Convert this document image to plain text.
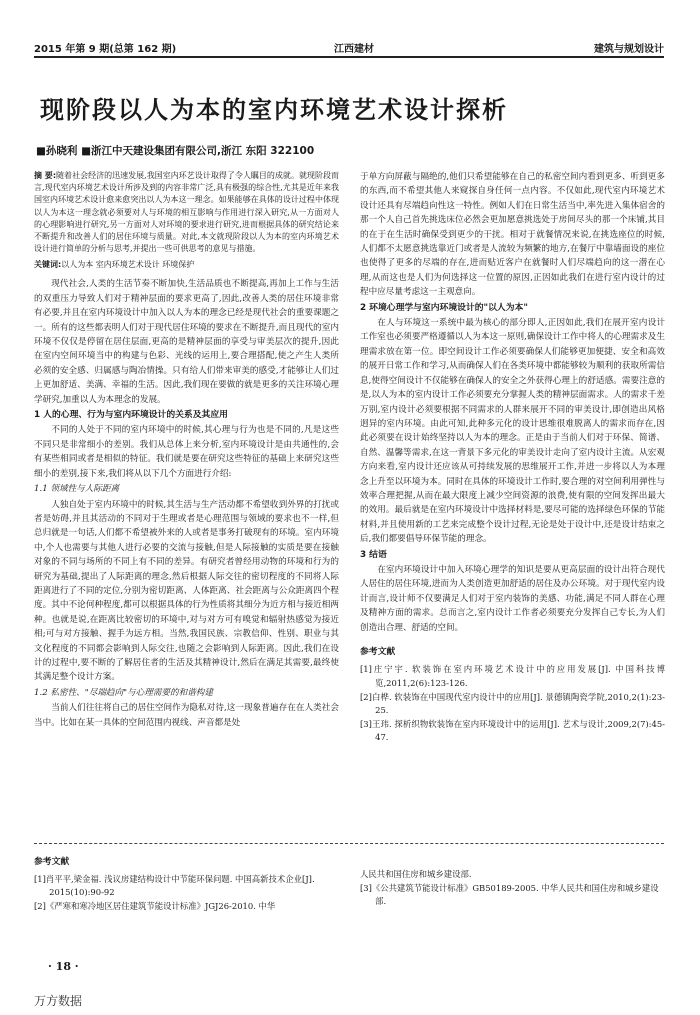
2015 年第 9 期(总第 162 期)	江西建材	建筑与规划设计
现阶段以人为本的室内环境艺术设计探析
■孙晓利 ■浙江中天建设集团有限公司,浙江 东阳 322100

摘 要:随着社会经济的迅速发展,我国室内环艺设计取得了令人瞩目的成就。就现阶段而言,现代室内环境艺术设计所涉及到的内容非常广泛,具有极强的综合性,尤其是近年来我国室内环境艺术设计愈来愈突出以人为本这一理念。如果能够在具体的设计过程中体现以人为本这一理念就必须要对人与环境的相互影响与作用进行深入研究,从一方面对人的心理影响进行研究,另一方面对人对环境的要求进行研究,进而根据具体的研究结论来不断提升和改善人们的居住环境与质量。对此,本文就现阶段以人为本的室内环境艺术设计进行简单的分析与思考,并提出一些可供思考的意见与措施。

关键词:以人为本 室内环境艺术设计 环境保护

现代社会,人类的生活节奏不断加快,生活品质也不断提高,再加上工作与生活的双重压力导致人们对于精神层面的要求更高了,因此,改善人类的居住环境非常有必要,并且在室内环境设计中加入以人为本的理念已经是现代社会的重要课题之一。所有的这些都表明人们对于现代居住环境的要求在不断提升,而且现代的室内环境不仅仅是停留在居住层面,更高的是精神层面的享受与审美层次的提升,因此在室内空间环境当中的构建与色彩、光线的运用上,要合理搭配,使之产生人类所必须的安全感、归属感与陶冶情操。只有给人们带来审美的感受,才能够让人们过上更加舒适、美满、幸福的生活。因此,我们现在要做的就是更多的关注环境心理学研究,加重以人为本理念的发展。

1 人的心理、行为与室内环境设计的关系及其应用

不同的人处于不同的室内环境中的时候,其心理与行为也是不同的,凡是这些不同只是非常细小的差别。我们从总体上来分析,室内环境设计是由共通性的,会有某些相同或者是相似的特征。我们就是要在研究这些特征的基础上来研究这些细小的差别,接下来,我们将从以下几个方面进行介绍:

1.1 领域性与人际距离

人独自处于室内环境中的时候,其生活与生产活动都不希望收到外界的打扰或者是妨碍,并且其活动的不同对于生理或者是心理范围与领域的要求也不一样,但总归就是一句话,人们都不希望被外来的人或者是事务打破现有的环境。室内环境中,个人也需要与其他人进行必要的交流与接触,但是人际接触的实质是要在接触对象的不同与场所的不同上有不同的差异。有研究者曾经用动物的环境和行为的研究为基础,提出了人际距离的理念,然后根据人际交往的密切程度的不同将人际距离进行了不同的定位,分别为密切距离、人体距离、社会距离与公众距离四个程度。其中不论何种程度,都可以根据具体的行为性质将其细分为近方相与接近相两种。也就是说,在距离比较密切的环境中,对与对方可有嗅觉和辐射热感觉为接近相;可与对方接触、握手为远方相。当然,我国民族、宗教信仰、性别、职业与其文化程度的不同都会影响到人际交往,也随之会影响到人际距离。因此,我们在设计的过程中,要不断的了解居住者的生活及其精神设计,然后在满足其需要,最终使其满足整个设计方案。

1.2 私密性、"尽端趋向"与心理需要的和谐构建

当前人们往往将自己的居住空间作为隐私对待,这一现象普遍存在在人类社会当中。比如在某一具体的空间范围内视线、声音都是处

于单方向屏蔽与隔绝的,他们只希望能够在自己的私密空间内看到更多、听到更多的东西,而不希望其他人来窥探自身任何一点内容。不仅如此,现代室内环境艺术设计还具有尽端趋向性这一特性。例如人们在日常生活当中,率先进入集体宿舍的那一个人自己首先挑选床位必然会更加愿意挑选处于房间尽头的那一个床铺,其目的在于在生活时确保受到更少的干扰。相对于就餐情况来说,在挑选座位的时候,人们都不太愿意挑选靠近门或者是人流较为频繁的地方,在餐厅中靠墙面设的座位也使得了更多的尽端的存在,进而贴近客户在就餐时人们尽端趋向的这一潜在心理,从而这也是人们为何选择这一位置的原因,正因如此我们在进行室内设计的过程中应尽量考虑这一主观意向。

2 环境心理学与室内环境设计的"以人为本"

在人与环境这一系统中最为核心的部分即人,正因如此,我们在展开室内设计工作室也必须要严格遵循以人为本这一原则,确保设计工作中将人的心理需求及生理需求放在第一位。即空间设计工作必须要确保人们能够更加便捷、安全和高效的展开日常工作和学习,从而确保人们在各类环境中都能够较为顺利的获取所需信息,使得空间设计不仅能够在确保人的安全之外获得心理上的舒适感。需要注意的是,以人为本的室内设计工作必须要充分掌握人类的精神层面需求。人的需求千差万别,室内设计必须要根据不同需求的人群来展开不同的审美设计,即创造出风格迥异的室内环境。由此可知,此种多元化的设计思维很难脱离人的需求而存在,因此必须要在设计始终坚持以人为本的理念。正是由于当前人们对于环保、简谱、自然、温馨等需求,在这一背景下多元化的审美设计走向了室内设计主流。从宏观方向来看,室内设计还应该从可持续发展的思维展开工作,并进一步将以人为本理念上升至以环境为本。同时在具体的环境设计工作时,要合理的对空间利用弹性与效率合理把握,从而在最大限度上减少空间资源的浪费,使有限的空间发挥出最大的效用。最后就是在室内环境设计中选择材料是,要尽可能的选择绿色环保的节能材料,并且使用新的工艺来完成整个设计过程,无论是处于设计中,还是设计结束之后,我们都要倡导环保节能的理念。

3 结语

在室内环境设计中加入环境心理学的知识是要从更高层面的设计出符合现代人居住的居住环境,进而为人类创造更加舒适的居住及办公环境。对于现代室内设计而言,设计师不仅要满足人们对于室内装饰的美感、功能,满足不同人群在心理及精神方面的需求。总而言之,室内设计工作者必须要充分发挥自己专长,为人们创造出合理、舒适的空间。

参考文献

[1]庄宁宇. 软装饰在室内环境艺术设计中的应用发展[J]. 中国科技博览,2011,2(6):123-126.

[2]白桦. 软装饰在中国现代室内设计中的应用[J]. 景德镇陶瓷学院,2010,2(1):23-25.

[3]王玮. 探析织物软装饰在室内环境设计中的运用[J]. 艺术与设计,2009,2(7):45-47.

参考文献

[1]肖平平,梁金福. 浅议房建结构设计中节能环保问题. 中国高新技术企业[J]. 2015(10):90-92

[2]《严寒和寒冷地区居住建筑节能设计标准》JGJ26-2010. 中华

人民共和国住房和城乡建设部.

[3]《公共建筑节能设计标准》GB50189-2005. 中华人民共和国住房和城乡建设部.

· 18 ·
万方数据
